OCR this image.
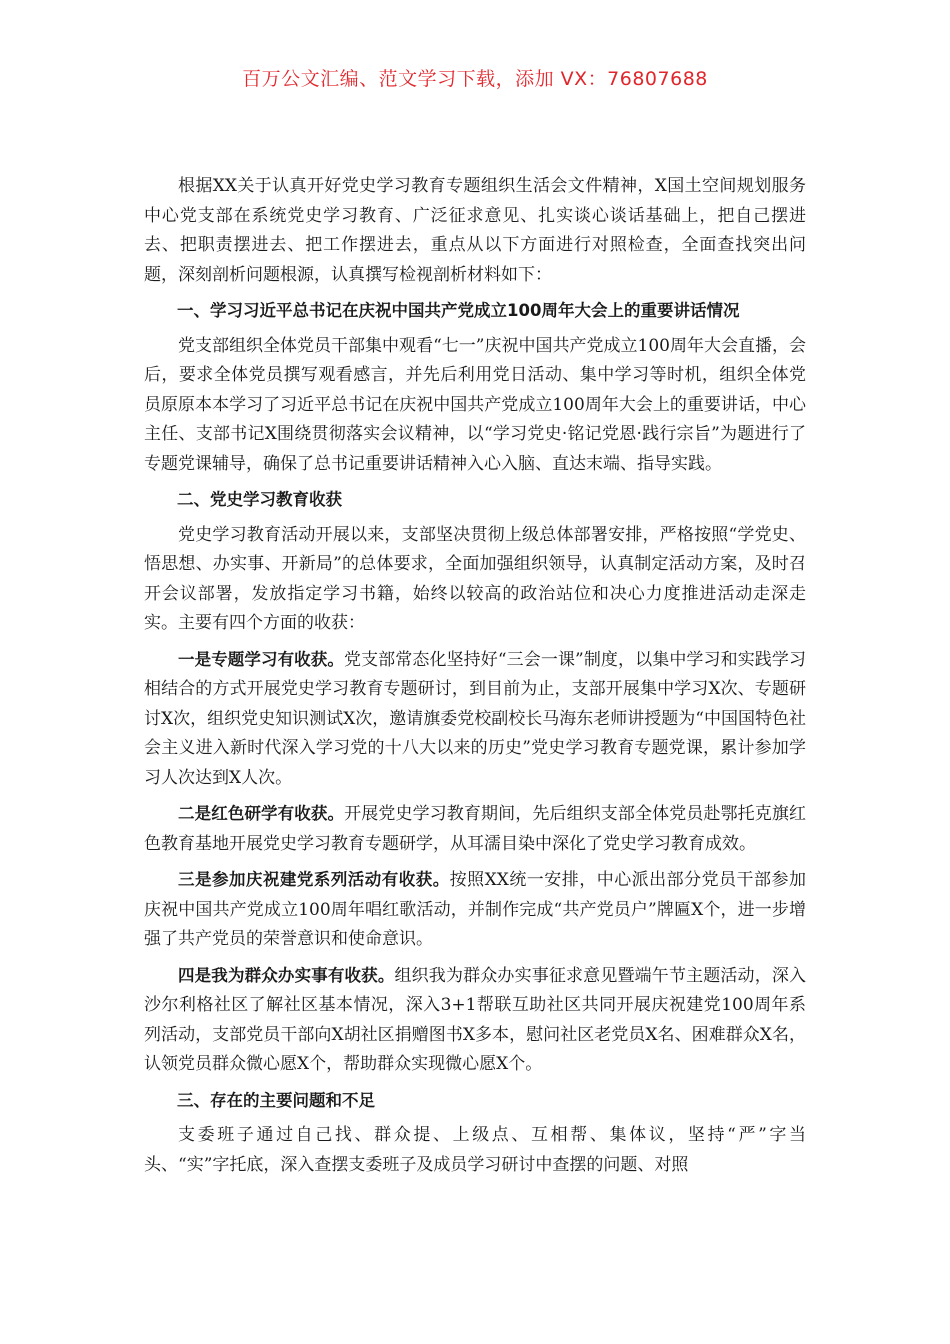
百万公文汇编、范文学习下载，添加 VX：76807688

根据XX关于认真开好党史学习教育专题组织生活会文件精神，X国土空间规划服务中心党支部在系统党史学习教育、广泛征求意见、扎实谈心谈话基础上，把自己摆进去、把职责摆进去、把工作摆进去，重点从以下方面进行对照检查，全面查找突出问题，深刻剖析问题根源，认真撰写检视剖析材料如下：

一、学习习近平总书记在庆祝中国共产党成立100周年大会上的重要讲话情况

党支部组织全体党员干部集中观看“七一”庆祝中国共产党成立100周年大会直播，会后，要求全体党员撰写观看感言，并先后利用党日活动、集中学习等时机，组织全体党员原原本本学习了习近平总书记在庆祝中国共产党成立100周年大会上的重要讲话，中心主任、支部书记X围绕贯彻落实会议精神，以“学习党史·铭记党恩·践行宗旨”为题进行了专题党课辅导，确保了总书记重要讲话精神入心入脑、直达末端、指导实践。

二、党史学习教育收获

党史学习教育活动开展以来，支部坚决贯彻上级总体部署安排，严格按照“学党史、悟思想、办实事、开新局”的总体要求，全面加强组织领导，认真制定活动方案，及时召开会议部署，发放指定学习书籍，始终以较高的政治站位和决心力度推进活动走深走实。主要有四个方面的收获：

一是专题学习有收获。党支部常态化坚持好“三会一课”制度，以集中学习和实践学习相结合的方式开展党史学习教育专题研讨，到目前为止，支部开展集中学习X次、专题研讨X次，组织党史知识测试X次，邀请旗委党校副校长马海东老师讲授题为“中国国特色社会主义进入新时代深入学习党的十八大以来的历史”党史学习教育专题党课，累计参加学习人次达到X人次。

二是红色研学有收获。开展党史学习教育期间，先后组织支部全体党员赴鄂托克旗红色教育基地开展党史学习教育专题研学，从耳濡目染中深化了党史学习教育成效。

三是参加庆祝建党系列活动有收获。按照XX统一安排，中心派出部分党员干部参加庆祝中国共产党成立100周年唱红歌活动，并制作完成“共产党员户”牌匾X个，进一步增强了共产党员的荣誉意识和使命意识。

四是我为群众办实事有收获。组织我为群众办实事征求意见暨端午节主题活动，深入沙尔利格社区了解社区基本情况，深入3+1帮联互助社区共同开展庆祝建党100周年系列活动，支部党员干部向X胡社区捐赠图书X多本，慰问社区老党员X名、困难群众X名，认领党员群众微心愿X个，帮助群众实现微心愿X个。

三、存在的主要问题和不足

支委班子通过自己找、群众提、上级点、互相帮、集体议，坚持“严”字当头、“实”字托底，深入查摆支委班子及成员学习研讨中查摆的问题、对照
